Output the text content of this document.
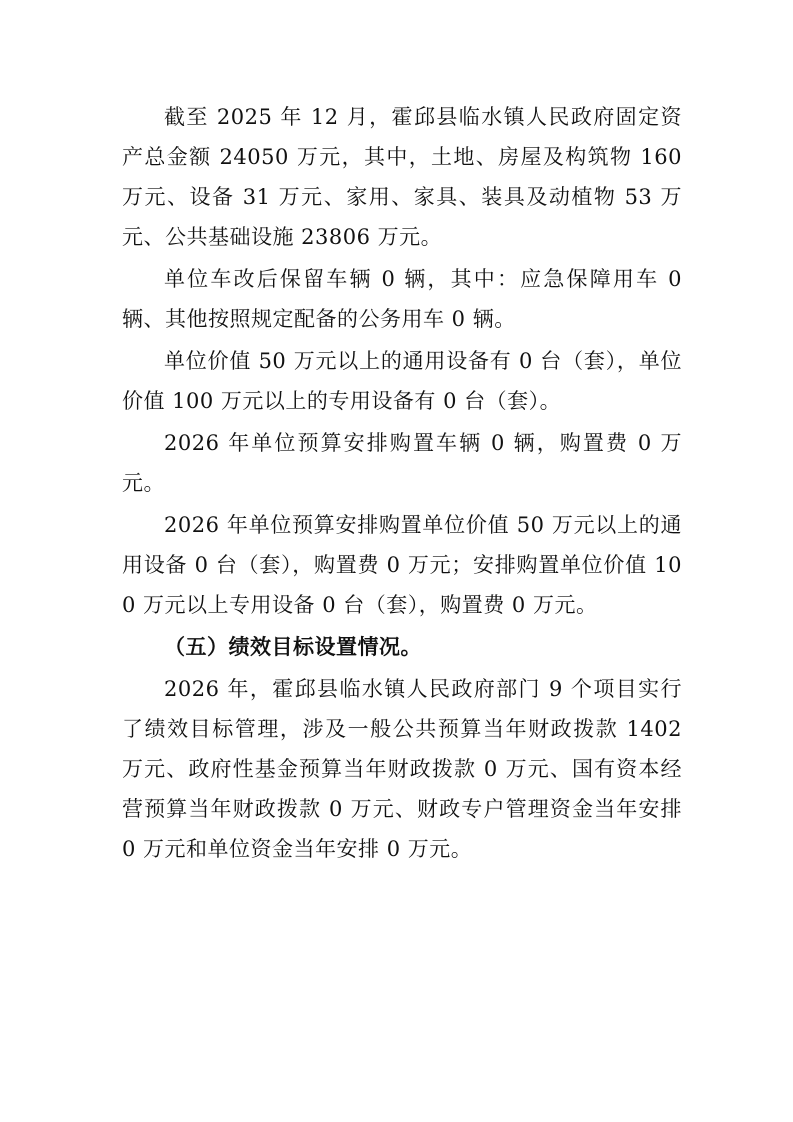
截至 2025 年 12 月，霍邱县临水镇人民政府固定资产总金额 24050 万元，其中，土地、房屋及构筑物 160 万元、设备 31 万元、家用、家具、装具及动植物 53 万元、公共基础设施 23806 万元。

单位车改后保留车辆 0 辆，其中：应急保障用车 0 辆、其他按照规定配备的公务用车 0 辆。

单位价值 50 万元以上的通用设备有 0 台（套），单位价值 100 万元以上的专用设备有 0 台（套）。

2026 年单位预算安排购置车辆 0 辆，购置费 0 万元。

2026 年单位预算安排购置单位价值 50 万元以上的通用设备 0 台（套），购置费 0 万元；安排购置单位价值 100 万元以上专用设备 0 台（套），购置费 0 万元。

（五）绩效目标设置情况。

2026 年，霍邱县临水镇人民政府部门 9 个项目实行了绩效目标管理，涉及一般公共预算当年财政拨款 1402 万元、政府性基金预算当年财政拨款 0 万元、国有资本经营预算当年财政拨款 0 万元、财政专户管理资金当年安排 0 万元和单位资金当年安排 0 万元。
